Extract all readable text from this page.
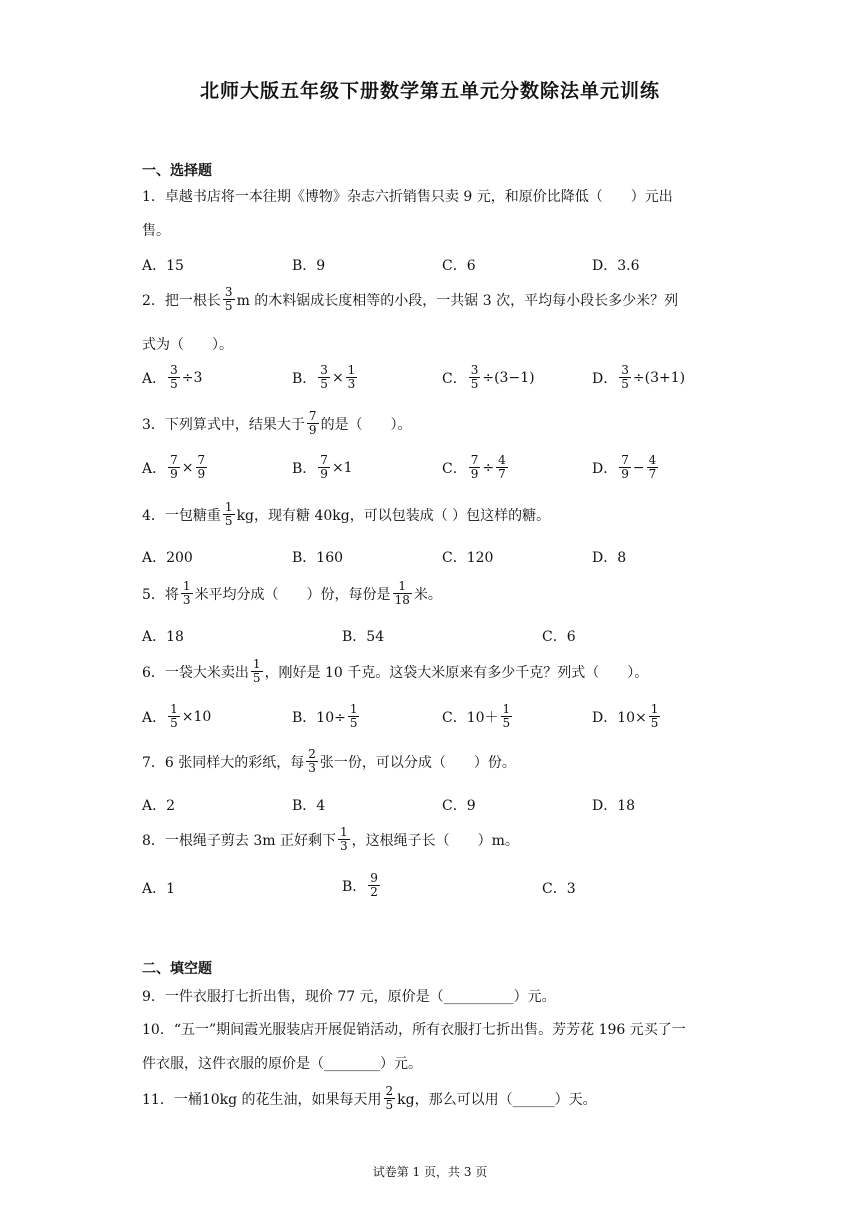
北师大版五年级下册数学第五单元分数除法单元训练
一、选择题
1．卓越书店将一本往期《博物》杂志六折销售只卖 9 元，和原价比降低（　　）元出
售。
A．15	B．9	C．6	D．3.6
2．把一根长 $\frac{3}{5}$ m 的木料锯成长度相等的小段，一共锯 3 次，平均每小段长多少米？列
式为（　　）。
A． $\frac{3}{5} \div 3$	B． $\frac{3}{5} \times \frac{1}{3}$	C． $\frac{3}{5} \div(3-1)$	D． $\frac{3}{5} \div(3+1)$
3．下列算式中，结果大于 $\frac{7}{9}$ 的是（　　）。
A． $\frac{7}{9} \times \frac{7}{9}$	B． $\frac{7}{9} \times 1$	C． $\frac{7}{9} \div \frac{4}{7}$	D． $\frac{7}{9} - \frac{4}{7}$
4．一包糖重 $\frac{1}{5}$ kg，现有糖 40kg，可以包装成（ ）包这样的糖。
A．200	B．160	C．120	D．8
5．将 $\frac{1}{3}$ 米平均分成（　　）份，每份是 $\frac{1}{18}$ 米。
A．18	B．54	C．6
6．一袋大米卖出 $\frac{1}{5}$ ，刚好是 10 千克。这袋大米原来有多少千克？列式（　　）。
A． $\frac{1}{5} \times 10$	B．$10\div \frac{1}{5}$	C．$10+ \frac{1}{5}$	D．$10\times \frac{1}{5}$
7．6 张同样大的彩纸，每 $\frac{2}{3}$ 张一份，可以分成（　　）份。
A．2	B．4	C．9	D．18
8．一根绳子剪去 3m 正好剩下 $\frac{1}{3}$ ，这根绳子长（　　）m。
A．1	B． $\frac{9}{2}$	C．3
二、填空题
9．一件衣服打七折出售，现价 77 元，原价是（__________）元。
10．“五一”期间霞光服装店开展促销活动，所有衣服打七折出售。芳芳花 196 元买了一
件衣服，这件衣服的原价是（________）元。
11．一桶10kg 的花生油，如果每天用 $\frac{2}{5}$ kg，那么可以用（______）天。
试卷第 1 页，共 3 页
